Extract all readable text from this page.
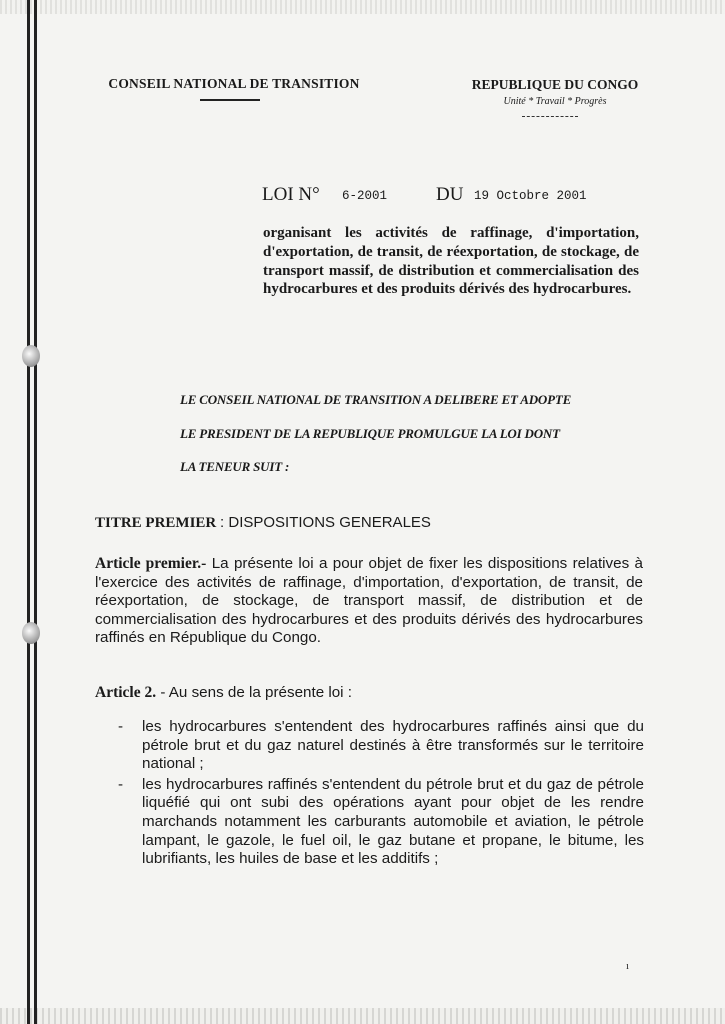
CONSEIL NATIONAL DE TRANSITION	REPUBLIQUE DU CONGO
Unité * Travail * Progrès
LOI N° 6-2001	DU 19 Octobre 2001

organisant les activités de raffinage, d'importation, d'exportation, de transit, de réexportation, de stockage, de transport massif, de distribution et commercialisation des hydrocarbures et des produits dérivés des hydrocarbures.

LE CONSEIL NATIONAL DE TRANSITION A DELIBERE ET ADOPTE
LE PRESIDENT DE LA REPUBLIQUE PROMULGUE LA LOI DONT
LA TENEUR SUIT :
TITRE PREMIER : DISPOSITIONS GENERALES

Article premier.- La présente loi a pour objet de fixer les dispositions relatives à l'exercice des activités de raffinage, d'importation, d'exportation, de transit, de réexportation, de stockage, de transport massif, de distribution et de commercialisation des hydrocarbures et des produits dérivés des hydrocarbures raffinés en République du Congo.

Article 2. - Au sens de la présente loi :

- les hydrocarbures s'entendent des hydrocarbures raffinés ainsi que du pétrole brut et du gaz naturel destinés à être transformés sur le territoire national ;
- les hydrocarbures raffinés s'entendent du pétrole brut et du gaz de pétrole liquéfié qui ont subi des opérations ayant pour objet de les rendre marchands notamment les carburants automobile et aviation, le pétrole lampant, le gazole, le fuel oil, le gaz butane et propane, le bitume, les lubrifiants, les huiles de base et les additifs ;
ı
